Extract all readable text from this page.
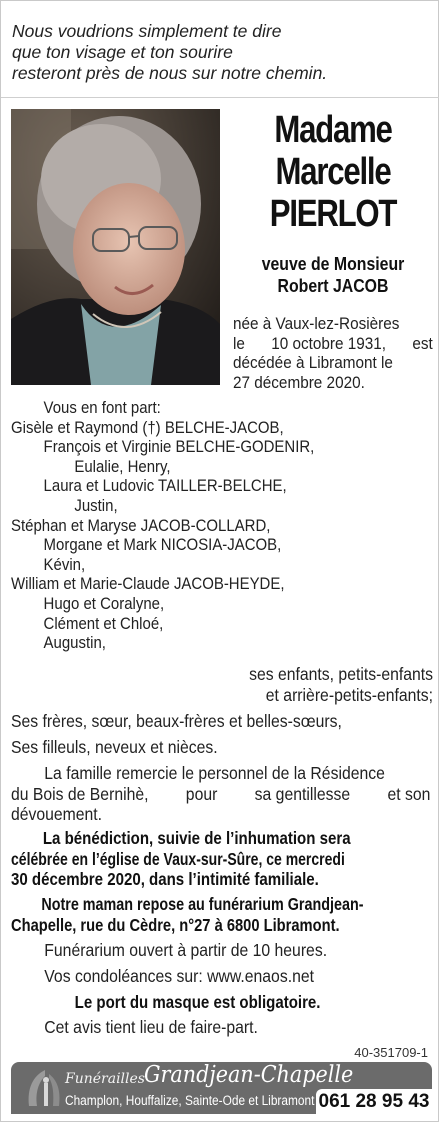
Nous voudrions simplement te dire
que ton visage et ton sourire
resteront près de nous sur notre chemin.
Madame
Marcelle
PIERLOT
veuve de Monsieur
Robert JACOB
née à Vaux-lez-Rosières
le 10 octobre 1931, est
décédée à Libramont le
27 décembre 2020.
Vous en font part:
Gisèle et Raymond (†) BELCHE-JACOB,
François et Virginie BELCHE-GODENIR,
Eulalie, Henry,
Laura et Ludovic TAILLER-BELCHE,
Justin,
Stéphan et Maryse JACOB-COLLARD,
Morgane et Mark NICOSIA-JACOB,
Kévin,
William et Marie-Claude JACOB-HEYDE,
Hugo et Coralyne,
Clément et Chloé,
Augustin,
ses enfants, petits-enfants
et arrière-petits-enfants;
Ses frères, sœur, beaux-frères et belles-sœurs,
Ses filleuls, neveux et nièces.
La famille remercie le personnel de la Résidence
du Bois de Bernihè, pour sa gentillesse et son
dévouement.
La bénédiction, suivie de l’inhumation sera
célébrée en l’église de Vaux-sur-Sûre, ce mercredi
30 décembre 2020, dans l’intimité familiale.
Notre maman repose au funérarium Grandjean-
Chapelle, rue du Cèdre, n°27 à 6800 Libramont.
Funérarium ouvert à partir de 10 heures.
Vos condoléances sur: www.enaos.net
Le port du masque est obligatoire.
Cet avis tient lieu de faire-part.
40-351709-1
Funérailles Grandjean-Chapelle
Champlon, Houffalize, Sainte-Ode et Libramont 061 28 95 43
